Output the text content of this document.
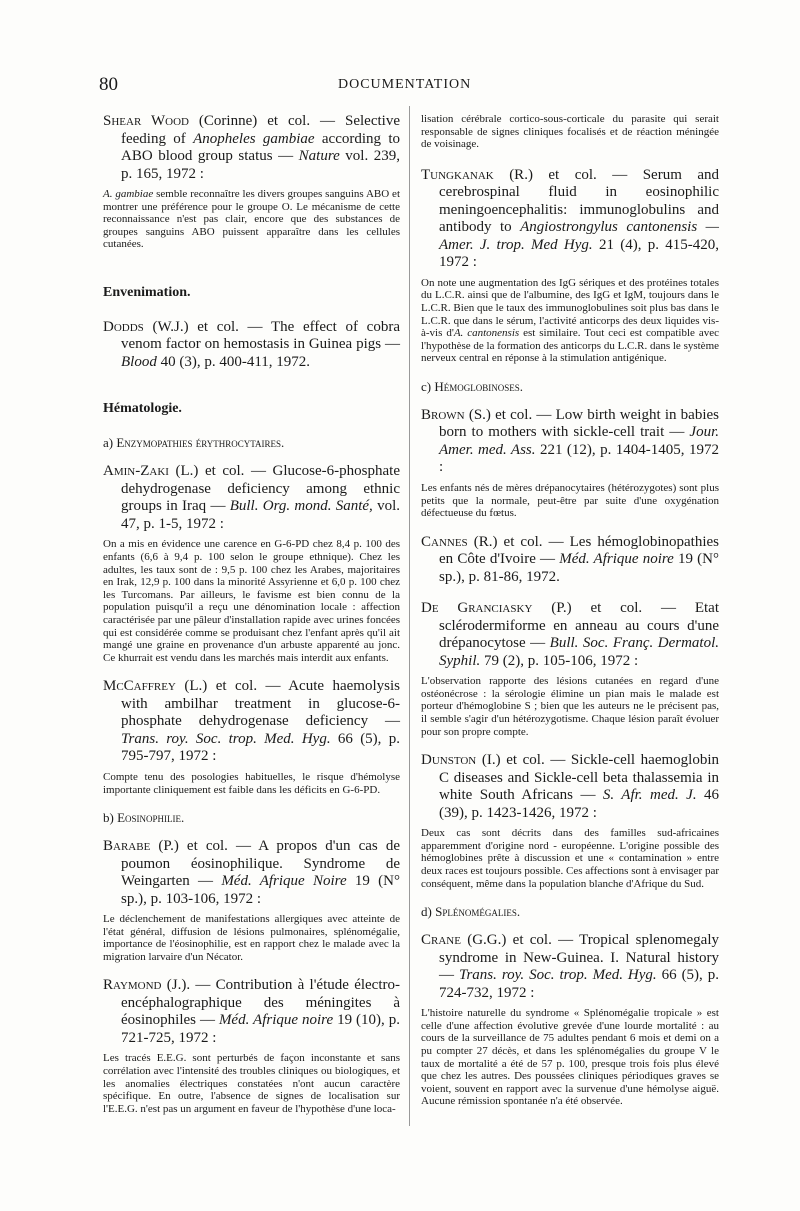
80	DOCUMENTATION
Shear Wood (Corinne) et col. — Selective feeding of Anopheles gambiae according to ABO blood group status — Nature vol. 239, p. 165, 1972 :
A. gambiae semble reconnaître les divers groupes sanguins ABO et montrer une préférence pour le groupe O. Le mécanisme de cette reconnaissance n'est pas clair, encore que des substances de groupes sanguins ABO puissent apparaître dans les cellules cutanées.
Envenimation.
Dodds (W.J.) et col. — The effect of cobra venom factor on hemostasis in Guinea pigs — Blood 40 (3), p. 400-411, 1972.
Hématologie.
a) Enzymopathies érythrocytaires.
Amin-Zaki (L.) et col. — Glucose-6-phosphate dehydrogenase deficiency among ethnic groups in Iraq — Bull. Org. mond. Santé, vol. 47, p. 1-5, 1972 :
On a mis en évidence une carence en G-6-PD chez 8,4 p. 100 des enfants (6,6 à 9,4 p. 100 selon le groupe ethnique). Chez les adultes, les taux sont de : 9,5 p. 100 chez les Arabes, majoritaires en Irak, 12,9 p. 100 dans la minorité Assyrienne et 6,0 p. 100 chez les Turcomans. Par ailleurs, le favisme est bien connu de la population puisqu'il a reçu une dénomination locale : affection caractérisée par une pâleur d'installation rapide avec urines foncées qui est considérée comme se produisant chez l'enfant après qu'il ait mangé une graine en provenance d'un arbuste apparenté au jonc. Ce khurrait est vendu dans les marchés mais interdit aux enfants.
McCaffrey (L.) et col. — Acute haemolysis with ambilhar treatment in glucose-6-phosphate dehydrogenase deficiency — Trans. roy. Soc. trop. Med. Hyg. 66 (5), p. 795-797, 1972 :
Compte tenu des posologies habituelles, le risque d'hémolyse importante cliniquement est faible dans les déficits en G-6-PD.
b) Eosinophilie.
Barabe (P.) et col. — A propos d'un cas de poumon éosinophilique. Syndrome de Weingarten — Méd. Afrique Noire 19 (N° sp.), p. 103-106, 1972 :
Le déclenchement de manifestations allergiques avec atteinte de l'état général, diffusion de lésions pulmonaires, splénomégalie, importance de l'éosinophilie, est en rapport chez le malade avec la migration larvaire d'un Nécator.
Raymond (J.). — Contribution à l'étude électro-encéphalographique des méningites à éosinophiles — Méd. Afrique noire 19 (10), p. 721-725, 1972 :
Les tracés E.E.G. sont perturbés de façon inconstante et sans corrélation avec l'intensité des troubles cliniques ou biologiques, et les anomalies électriques constatées n'ont aucun caractère spécifique. En outre, l'absence de signes de localisation sur l'E.E.G. n'est pas un argument en faveur de l'hypothèse d'une loca-
lisation cérébrale cortico-sous-corticale du parasite qui serait responsable de signes cliniques focalisés et de réaction méningée de voisinage.
Tungkanak (R.) et col. — Serum and cerebrospinal fluid in eosinophilic meningoencephalitis: immunoglobulins and antibody to Angiostrongylus cantonensis — Amer. J. trop. Med Hyg. 21 (4), p. 415-420, 1972 :
On note une augmentation des IgG sériques et des protéines totales du L.C.R. ainsi que de l'albumine, des IgG et IgM, toujours dans le L.C.R. Bien que le taux des immunoglobulines soit plus bas dans le L.C.R. que dans le sérum, l'activité anticorps des deux liquides vis-à-vis d'A. cantonensis est similaire. Tout ceci est compatible avec l'hypothèse de la formation des anticorps du L.C.R. dans le système nerveux central en réponse à la stimulation antigénique.
c) Hémoglobinoses.
Brown (S.) et col. — Low birth weight in babies born to mothers with sickle-cell trait — Jour. Amer. med. Ass. 221 (12), p. 1404-1405, 1972 :
Les enfants nés de mères drépanocytaires (hétérozygotes) sont plus petits que la normale, peut-être par suite d'une oxygénation défectueuse du fœtus.
Cannes (R.) et col. — Les hémoglobinopathies en Côte d'Ivoire — Méd. Afrique noire 19 (N° sp.), p. 81-86, 1972.
De Granciasky (P.) et col. — Etat sclérodermiforme en anneau au cours d'une drépanocytose — Bull. Soc. Franç. Dermatol. Syphil. 79 (2), p. 105-106, 1972 :
L'observation rapporte des lésions cutanées en regard d'une ostéonécrose : la sérologie élimine un pian mais le malade est porteur d'hémoglobine S ; bien que les auteurs ne le précisent pas, il semble s'agir d'un hétérozygotisme. Chaque lésion paraît évoluer pour son propre compte.
Dunston (I.) et col. — Sickle-cell haemoglobin C diseases and Sickle-cell beta thalassemia in white South Africans — S. Afr. med. J. 46 (39), p. 1423-1426, 1972 :
Deux cas sont décrits dans des familles sud-africaines apparemment d'origine nord - européenne. L'origine possible des hémoglobines prête à discussion et une « contamination » entre deux races est toujours possible. Ces affections sont à envisager par conséquent, même dans la population blanche d'Afrique du Sud.
d) Splénomégalies.
Crane (G.G.) et col. — Tropical splenomegaly syndrome in New-Guinea. I. Natural history — Trans. roy. Soc. trop. Med. Hyg. 66 (5), p. 724-732, 1972 :
L'histoire naturelle du syndrome « Splénomégalie tropicale » est celle d'une affection évolutive grevée d'une lourde mortalité : au cours de la surveillance de 75 adultes pendant 6 mois et demi on a pu compter 27 décès, et dans les splénomégalies du groupe V le taux de mortalité a été de 57 p. 100, presque trois fois plus élevé que chez les autres. Des poussées cliniques périodiques graves se voient, souvent en rapport avec la survenue d'une hémolyse aiguë. Aucune rémission spontanée n'a été observée.
